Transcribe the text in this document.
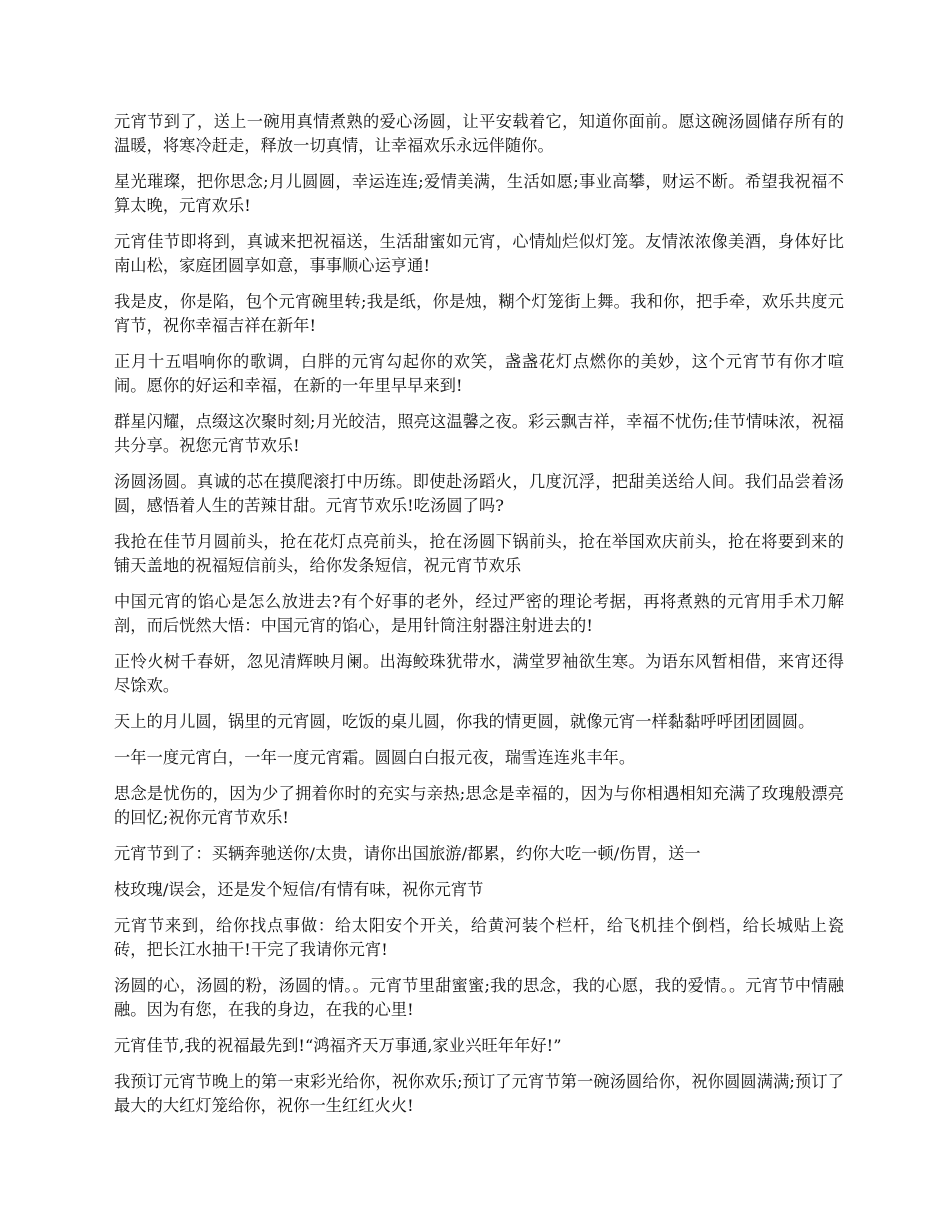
元宵节到了，送上一碗用真情煮熟的爱心汤圆，让平安载着它，知道你面前。愿这碗汤圆储存所有的温暖，将寒冷赶走，释放一切真情，让幸福欢乐永远伴随你。

星光璀璨，把你思念;月儿圆圆，幸运连连;爱情美满，生活如愿;事业高攀，财运不断。希望我祝福不算太晚，元宵欢乐!

元宵佳节即将到，真诚来把祝福送，生活甜蜜如元宵，心情灿烂似灯笼。友情浓浓像美酒，身体好比南山松，家庭团圆享如意，事事顺心运亨通!

我是皮，你是陷，包个元宵碗里转;我是纸，你是烛，糊个灯笼街上舞。我和你，把手牵，欢乐共度元宵节，祝你幸福吉祥在新年!

正月十五唱响你的歌调，白胖的元宵勾起你的欢笑，盏盏花灯点燃你的美妙，这个元宵节有你才喧闹。愿你的好运和幸福，在新的一年里早早来到!

群星闪耀，点缀这次聚时刻;月光皎洁，照亮这温馨之夜。彩云飘吉祥，幸福不忧伤;佳节情味浓，祝福共分享。祝您元宵节欢乐!

汤圆汤圆。真诚的芯在摸爬滚打中历练。即使赴汤蹈火，几度沉浮，把甜美送给人间。我们品尝着汤圆，感悟着人生的苦辣甘甜。元宵节欢乐!吃汤圆了吗?

我抢在佳节月圆前头，抢在花灯点亮前头，抢在汤圆下锅前头，抢在举国欢庆前头，抢在将要到来的铺天盖地的祝福短信前头，给你发条短信，祝元宵节欢乐

中国元宵的馅心是怎么放进去?有个好事的老外，经过严密的理论考据，再将煮熟的元宵用手术刀解剖，而后恍然大悟：中国元宵的馅心，是用针筒注射器注射进去的!

正怜火树千春妍，忽见清辉映月阑。出海鲛珠犹带水，满堂罗袖欲生寒。为语东风暂相借，来宵还得尽馀欢。

天上的月儿圆，锅里的元宵圆，吃饭的桌儿圆，你我的情更圆，就像元宵一样黏黏呼呼团团圆圆。

一年一度元宵白，一年一度元宵霜。圆圆白白报元夜，瑞雪连连兆丰年。

思念是忧伤的，因为少了拥着你时的充实与亲热;思念是幸福的，因为与你相遇相知充满了玫瑰般漂亮的回忆;祝你元宵节欢乐!

元宵节到了：买辆奔驰送你/太贵，请你出国旅游/都累，约你大吃一顿/伤胃，送一

枝玫瑰/误会，还是发个短信/有情有味，祝你元宵节

元宵节来到，给你找点事做：给太阳安个开关，给黄河装个栏杆，给飞机挂个倒档，给长城贴上瓷砖，把长江水抽干!干完了我请你元宵!

汤圆的心，汤圆的粉，汤圆的情。。元宵节里甜蜜蜜;我的思念，我的心愿，我的爱情。。元宵节中情融融。因为有您，在我的身边，在我的心里!

元宵佳节,我的祝福最先到!“鸿福齐天万事通,家业兴旺年年好!”

我预订元宵节晚上的第一束彩光给你，祝你欢乐;预订了元宵节第一碗汤圆给你，祝你圆圆满满;预订了最大的大红灯笼给你，祝你一生红红火火!
